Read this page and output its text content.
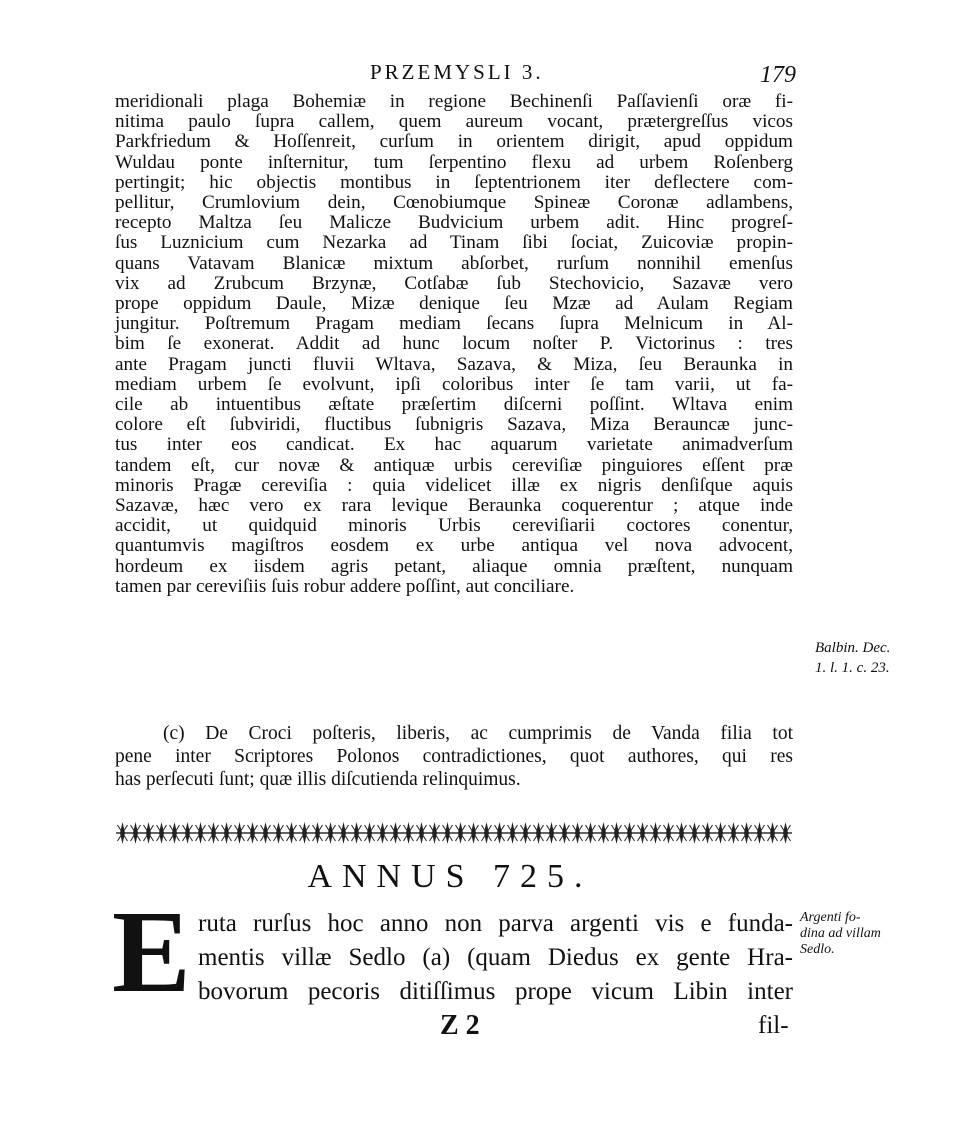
PRZEMYSLI 3.	179
meridionali plaga Bohemiæ in regione Bechinenſi Paſſavienſi oræ fi-
nitima paulo ſupra callem, quem aureum vocant, prætergreſſus vicos
Parkfriedum & Hoſſenreit, curſum in orientem dirigit, apud oppidum
Wuldau ponte inſternitur, tum ſerpentino flexu ad urbem Roſenberg
pertingit; hic objectis montibus in ſeptentrionem iter deflectere com-
pellitur, Crumlovium dein, Cœnobiumque Spineæ Coronæ adlambens,
recepto Maltza ſeu Malicze Budvicium urbem adit. Hinc progreſ-
ſus Luznicium cum Nezarka ad Tinam ſibi ſociat, Zuicoviæ propin-
quans Vatavam Blanicæ mixtum abſorbet, rurſum nonnihil emenſus
vix ad Zrubcum Brzynæ, Cotſabæ ſub Stechovicio, Sazavæ vero
prope oppidum Daule, Mizæ denique ſeu Mzæ ad Aulam Regiam
jungitur. Poſtremum Pragam mediam ſecans ſupra Melnicum in Al-
bim ſe exonerat. Addit ad hunc locum noſter P. Victorinus : tres
ante Pragam juncti fluvii Wltava, Sazava, & Miza, ſeu Beraunka in
mediam urbem ſe evolvunt, ipſi coloribus inter ſe tam varii, ut fa-
cile ab intuentibus æſtate præſertim diſcerni poſſint. Wltava enim
colore eſt ſubviridi, fluctibus ſubnigris Sazava, Miza Berauncæ junc-
tus inter eos candicat. Ex hac aquarum varietate animadverſum
tandem eſt, cur novæ & antiquæ urbis cereviſiæ pinguiores eſſent præ
minoris Pragæ cereviſia : quia videlicet illæ ex nigris denſiſque aquis
Sazavæ, hæc vero ex rara levique Beraunka coquerentur ; atque inde
accidit, ut quidquid minoris Urbis cereviſiarii coctores conentur,
quantumvis magiſtros eosdem ex urbe antiqua vel nova advocent,
hordeum ex iisdem agris petant, aliaque omnia præſtent, nunquam
tamen par cereviſiis ſuis robur addere poſſint, aut conciliare.
Balbin. Dec.
1. l. 1. c. 23.
(c) De Croci poſteris, liberis, ac cumprimis de Vanda filia tot
pene inter Scriptores Polonos contradictiones, quot authores, qui res
has perſecuti ſunt; quæ illis diſcutienda relinquimus.
ANNUS 725.
E ruta rurſus hoc anno non parva argenti vis e funda-
mentis villæ Sedlo (a) (quam Diedus ex gente Hra-
bovorum pecoris ditiſſimus prope vicum Libin inter
Argenti fo-
dina ad villam
Sedlo.
Z 2	fil-
